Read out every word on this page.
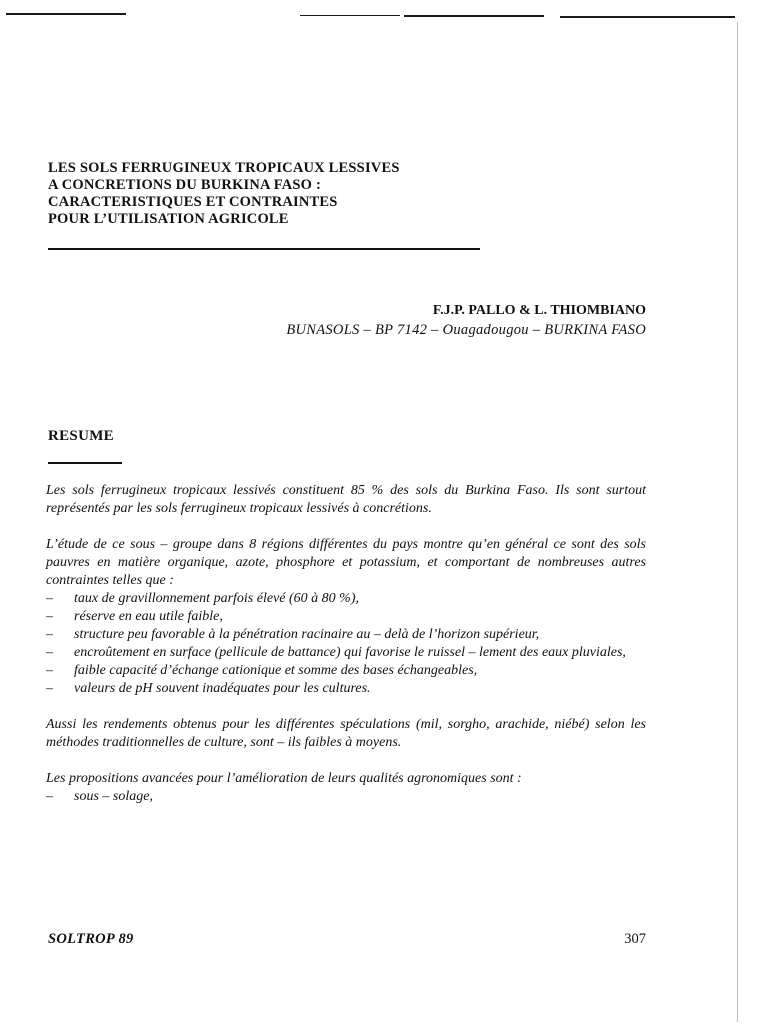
LES SOLS FERRUGINEUX TROPICAUX LESSIVES
A CONCRETIONS DU BURKINA FASO :
CARACTERISTIQUES ET CONTRAINTES
POUR L’UTILISATION AGRICOLE
F.J.P. PALLO & L. THIOMBIANO
BUNASOLS – BP 7142 – Ouagadougou – BURKINA FASO
RESUME

Les sols ferrugineux tropicaux lessivés constituent 85 % des sols du Burkina Faso. Ils sont surtout représentés par les sols ferrugineux tropicaux lessivés à concrétions.

L’étude de ce sous – groupe dans 8 régions différentes du pays montre qu’en général ce sont des sols pauvres en matière organique, azote, phosphore et potassium, et comportant de nombreuses autres contraintes telles que :

– taux de gravillonnement parfois élevé (60 à 80 %),
– réserve en eau utile faible,
– structure peu favorable à la pénétration racinaire au – delà de l’horizon supérieur,
– encroûtement en surface (pellicule de battance) qui favorise le ruissel – lement des eaux pluviales,
– faible capacité d’échange cationique et somme des bases échangeables,
– valeurs de pH souvent inadéquates pour les cultures.

Aussi les rendements obtenus pour les différentes spéculations (mil, sorgho, arachide, niébé) selon les méthodes traditionnelles de culture, sont – ils faibles à moyens.

Les propositions avancées pour l’amélioration de leurs qualités agronomiques sont :

– sous – solage,
SOLTROP 89	307
